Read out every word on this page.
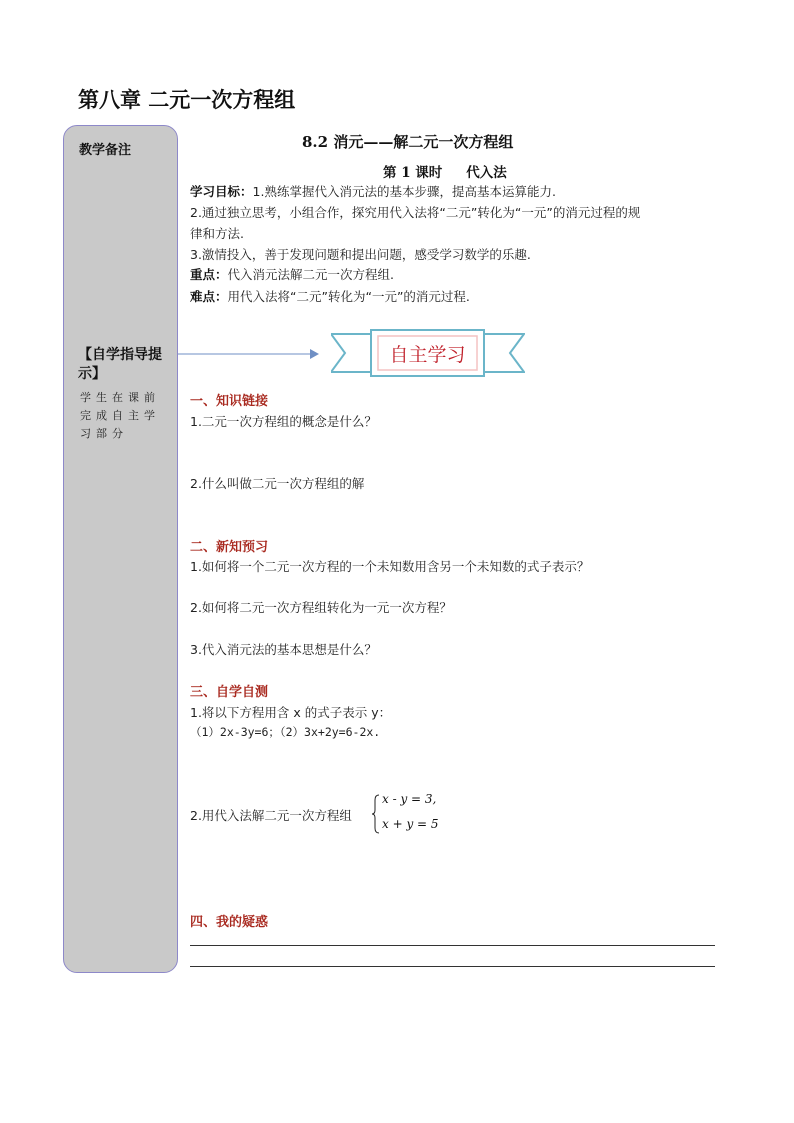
第八章 二元一次方程组
教学备注
【自学指导提示】
学生在课前完成自主学习部分
8.2 消元——解二元一次方程组
第 1 课时 代入法
学习目标：1.熟练掌握代入消元法的基本步骤，提高基本运算能力.
2.通过独立思考，小组合作，探究用代入法将“二元”转化为“一元”的消元过程的规
律和方法.
3.激情投入，善于发现问题和提出问题，感受学习数学的乐趣.
重点：代入消元法解二元一次方程组.
难点：用代入法将“二元”转化为“一元”的消元过程.
自主学习
一、知识链接
1.二元一次方程组的概念是什么？
2.什么叫做二元一次方程组的解
二、新知预习
1.如何将一个二元一次方程的一个未知数用含另一个未知数的式子表示？
2.如何将二元一次方程组转化为一元一次方程？
3.代入消元法的基本思想是什么？
三、自学自测
1.将以下方程用含 x 的式子表示 y：
（1）2x-3y=6；（2）3x+2y=6-2x.
2.用代入法解二元一次方程组
x - y = 3,
x + y = 5
四、我的疑惑
